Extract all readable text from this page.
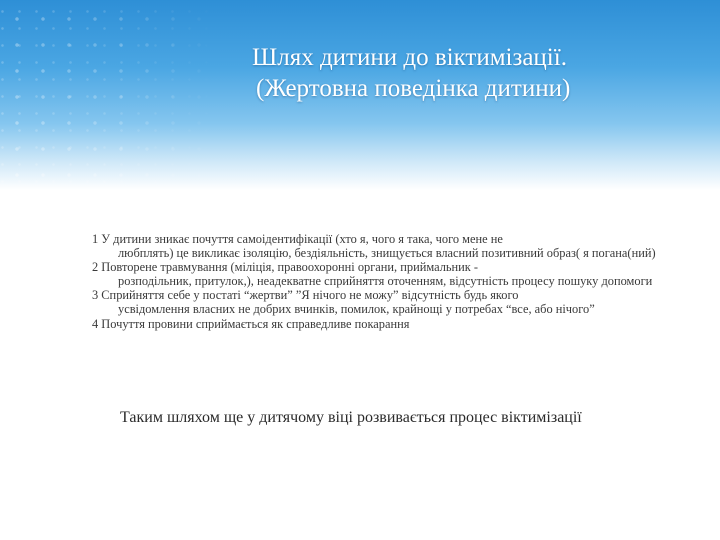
Шлях дитини до віктимізації.
(Жертовна поведінка дитини)
1 У дитини зникає почуття самоідентифікації (хто я, чого я така, чого мене не
любплять) це викликає ізоляцію, бездіяльність, знищується власний позитивний образ( я погана(ний)
2 Повторене травмування (міліція, правоохоронні органи, приймальник -
розподільник, притулок,), неадекватне сприйняття оточенням, відсутність процесу пошуку допомоги
3 Сприйняття себе у постаті “жертви” ”Я нічого не можу” відсутність будь якого
усвідомлення власних не добрих вчинків, помилок, крайнощі у потребах “все, або нічого”
4 Почуття провини сприймається як справедливе покарання
Таким шляхом ще у дитячому віці розвивається процес віктимізації
